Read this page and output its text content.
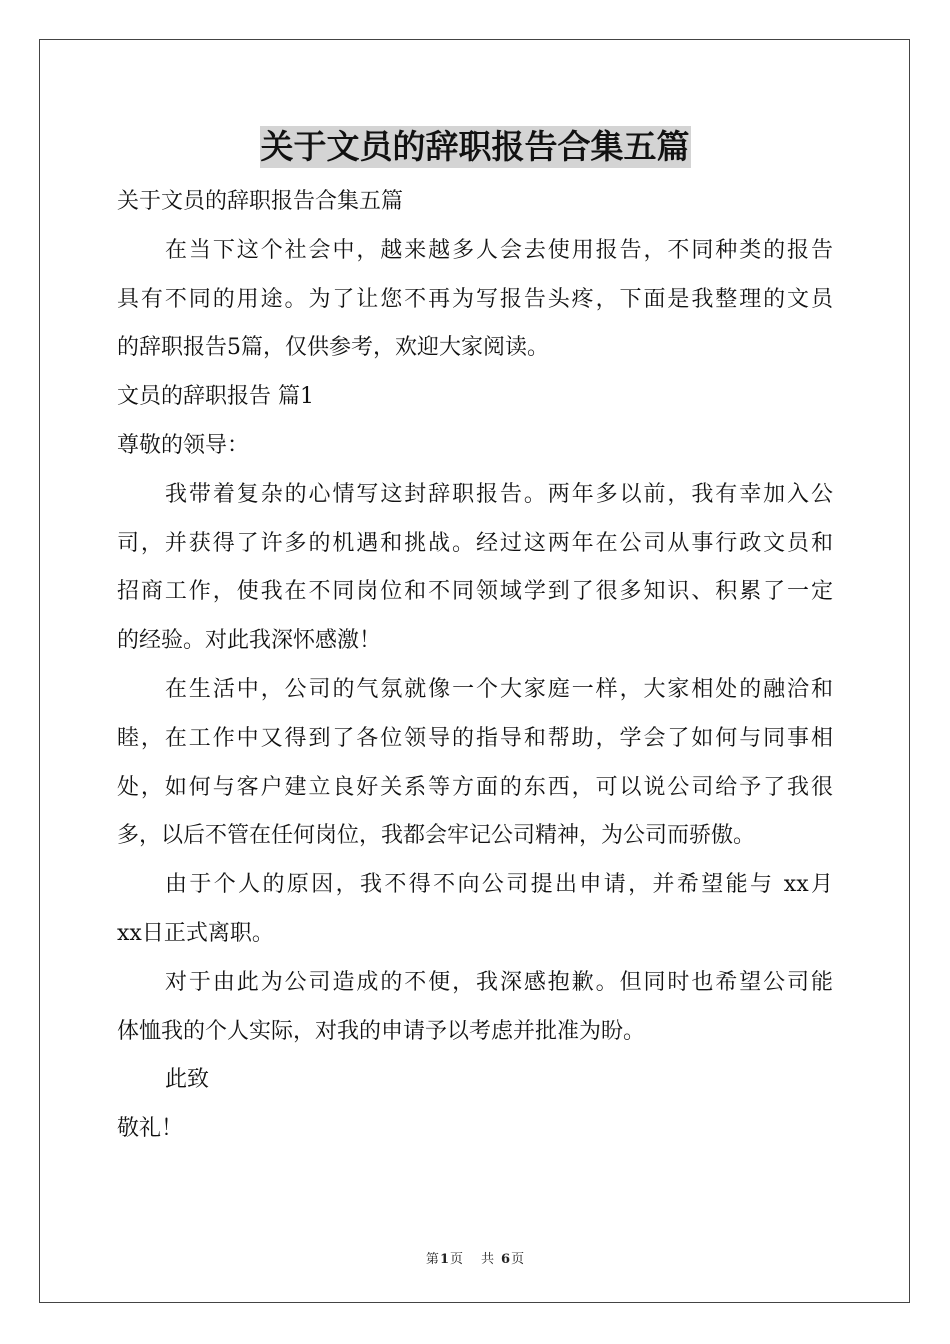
关于文员的辞职报告合集五篇
关于文员的辞职报告合集五篇
在当下这个社会中，越来越多人会去使用报告，不同种类的报告
具有不同的用途。为了让您不再为写报告头疼，下面是我整理的文员
的辞职报告5篇，仅供参考，欢迎大家阅读。
文员的辞职报告 篇1
尊敬的领导：
我带着复杂的心情写这封辞职报告。两年多以前，我有幸加入公
司，并获得了许多的机遇和挑战。经过这两年在公司从事行政文员和
招商工作，使我在不同岗位和不同领域学到了很多知识、积累了一定
的经验。对此我深怀感激！
在生活中，公司的气氛就像一个大家庭一样，大家相处的融洽和
睦，在工作中又得到了各位领导的指导和帮助，学会了如何与同事相
处，如何与客户建立良好关系等方面的东西，可以说公司给予了我很
多，以后不管在任何岗位，我都会牢记公司精神，为公司而骄傲。
由于个人的原因，我不得不向公司提出申请，并希望能与 xx月
xx日正式离职。
对于由此为公司造成的不便，我深感抱歉。但同时也希望公司能
体恤我的个人实际，对我的申请予以考虑并批准为盼。
此致
敬礼！
第1页 共 6页
